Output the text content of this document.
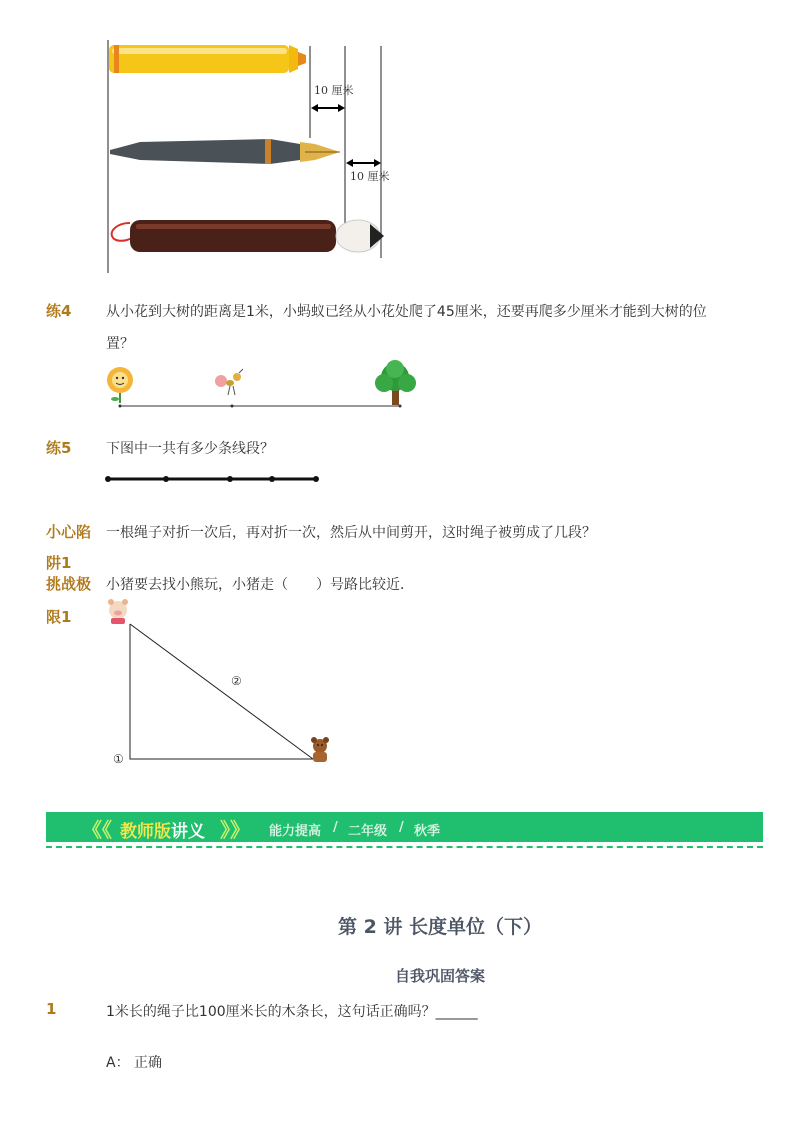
10 厘米
10 厘米
练4 从小花到大树的距离是1米，小蚂蚁已经从小花处爬了45厘米，还要再爬多少厘米才能到大树的位
置？
练5 下图中一共有多少条线段？
小心陷
阱1
一根绳子对折一次后，再对折一次，然后从中间剪开，这时绳子被剪成了几段？
挑战极
限1
小猪要去找小熊玩，小猪走（　　）号路比较近．
①
②
《《 教师版 讲义 》》 能力提高 / 二年级 / 秋季
第 2 讲 长度单位（下）
自我巩固答案
1	1米长的绳子比100厘米长的木条长，这句话正确吗？______
A： 正确
